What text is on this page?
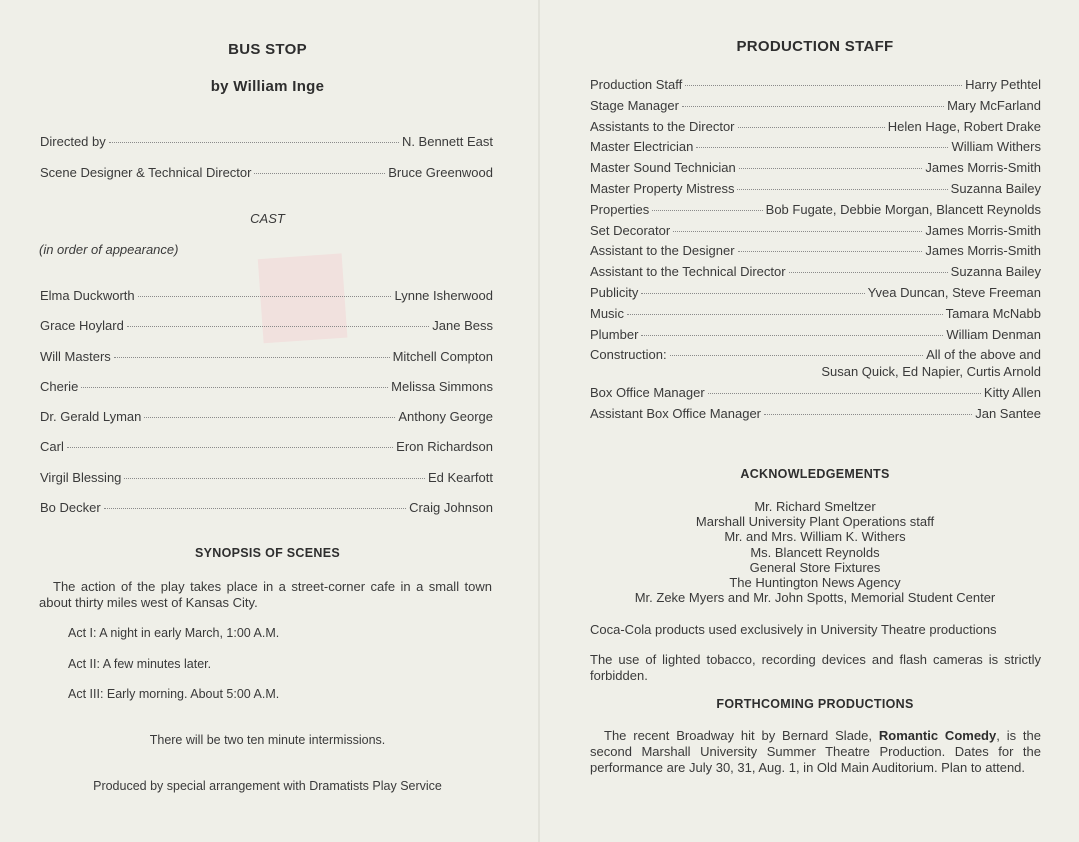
■
BUS STOP
by William Inge
Directed by	N. Bennett East
Scene Designer & Technical Director	Bruce Greenwood
CAST
(in order of appearance)
Elma Duckworth	Lynne Isherwood
Grace Hoylard	Jane Bess
Will Masters	Mitchell Compton
Cherie	Melissa Simmons
Dr. Gerald Lyman	Anthony George
Carl	Eron Richardson
Virgil Blessing	Ed Kearfott
Bo Decker	Craig Johnson
SYNOPSIS OF SCENES
The action of the play takes place in a street-corner cafe in a small town about thirty miles west of Kansas City.
Act I: A night in early March, 1:00 A.M.
Act II: A few minutes later.
Act III: Early morning. About 5:00 A.M.
There will be two ten minute intermissions.
Produced by special arrangement with Dramatists Play Service
PRODUCTION STAFF
Production Staff	Harry Pethtel
Stage Manager	Mary McFarland
Assistants to the Director	Helen Hage, Robert Drake
Master Electrician	William Withers
Master Sound Technician	James Morris-Smith
Master Property Mistress	Suzanna Bailey
Properties	Bob Fugate, Debbie Morgan, Blancett Reynolds
Set Decorator	James Morris-Smith
Assistant to the Designer	James Morris-Smith
Assistant to the Technical Director	Suzanna Bailey
Publicity	Yvea Duncan, Steve Freeman
Music	Tamara McNabb
Plumber	William Denman
Construction:	All of the above and
Susan Quick, Ed Napier, Curtis Arnold
Box Office Manager	Kitty Allen
Assistant Box Office Manager	Jan Santee
ACKNOWLEDGEMENTS
Mr. Richard Smeltzer
Marshall University Plant Operations staff
Mr. and Mrs. William K. Withers
Ms. Blancett Reynolds
General Store Fixtures
The Huntington News Agency
Mr. Zeke Myers and Mr. John Spotts, Memorial Student Center
Coca-Cola products used exclusively in University Theatre productions
The use of lighted tobacco, recording devices and flash cameras is strictly forbidden.
FORTHCOMING PRODUCTIONS
The recent Broadway hit by Bernard Slade, Romantic Comedy, is the second Marshall University Summer Theatre Production. Dates for the performance are July 30, 31, Aug. 1, in Old Main Auditorium. Plan to attend.
